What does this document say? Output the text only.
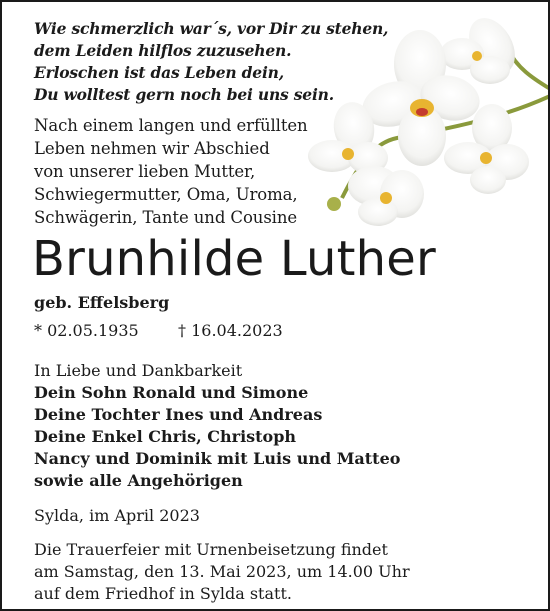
Wie schmerzlich war´s, vor Dir zu stehen,
dem Leiden hilflos zuzusehen.
Erloschen ist das Leben dein,
Du wolltest gern noch bei uns sein.
Nach einem langen und erfüllten
Leben nehmen wir Abschied
von unserer lieben Mutter,
Schwiegermutter, Oma, Uroma,
Schwägerin, Tante und Cousine
Brunhilde Luther
geb. Effelsberg
* 02.05.1935 † 16.04.2023
In Liebe und Dankbarkeit
Dein Sohn Ronald und Simone
Deine Tochter Ines und Andreas
Deine Enkel Chris, Christoph
Nancy und Dominik mit Luis und Matteo
sowie alle Angehörigen
Sylda, im April 2023
Die Trauerfeier mit Urnenbeisetzung findet
am Samstag, den 13. Mai 2023, um 14.00 Uhr
auf dem Friedhof in Sylda statt.
